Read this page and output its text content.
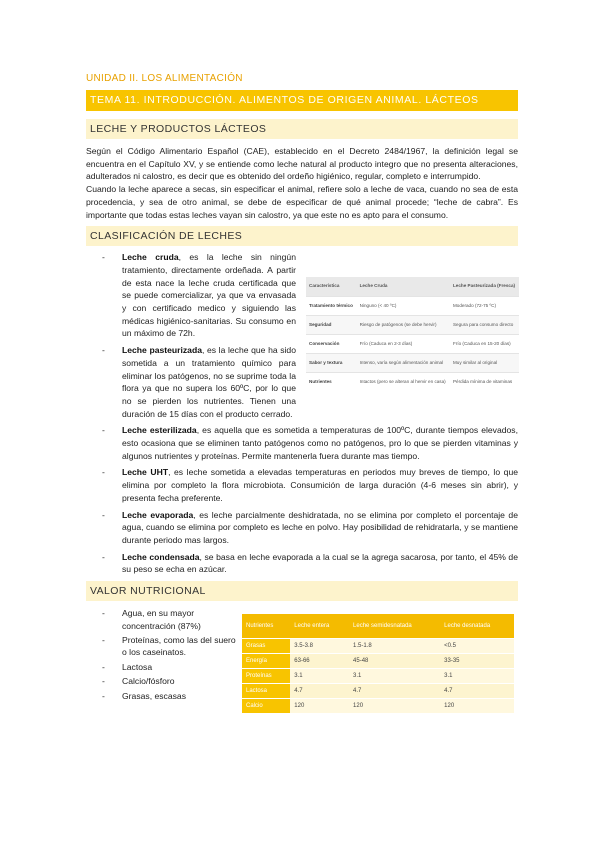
UNIDAD II. LOS ALIMENTACIÓN
TEMA 11. INTRODUCCIÓN. ALIMENTOS DE ORIGEN ANIMAL. LÁCTEOS
LECHE Y PRODUCTOS LÁCTEOS

Según el Código Alimentario Español (CAE), establecido en el Decreto 2484/1967, la definición legal se encuentra en el Capítulo XV, y se entiende como leche natural al producto integro que no presenta alteraciones, adulterados ni calostro, es decir que es obtenido del ordeño higiénico, regular, completo e interrumpido.

Cuando la leche aparece a secas, sin especificar el animal, refiere solo a leche de vaca, cuando no sea de esta procedencia, y sea de otro animal, se debe de especificar de qué animal procede; “leche de cabra”. Es importante que todas estas leches vayan sin calostro, ya que este no es apto para el consumo.

CLASIFICACIÓN DE LECHES
- Característica	Leche Cruda	Leche Pasteurizada (Fresca)
Tratamiento térmico	Ninguno (< 40 ºC)	Moderado (72-75 ºC)
Seguridad	Riesgo de patógenos (se debe hervir)	Segura para consumo directo
Conservación	Frío (Caduca en 2-3 días)	Frío (Caduca en 15-20 días)
Sabor y textura	Intenso, varía según alimentación animal	Muy similar al original
Nutrientes	Intactos (pero se alteran al hervir en casa)	Pérdida mínima de vitaminas
Leche cruda, es la leche sin ningún tratamiento, directamente ordeñada. A partir de esta nace la leche cruda certificada que se puede comercializar, ya que va envasada y con certificado medico y siguiendo las médicas higiénico-sanitarias. Su consumo en un máximo de 72h.
- Leche pasteurizada, es la leche que ha sido sometida a un tratamiento químico para eliminar los patógenos, no se suprime toda la flora ya que no supera los 60ºC, por lo que no se pierden los nutrientes. Tienen una duración de 15 días con el producto cerrado.
- Leche esterilizada, es aquella que es sometida a temperaturas de 100ºC, durante tiempos elevados, esto ocasiona que se eliminen tanto patógenos como no patógenos, pro lo que se pierden vitaminas y algunos nutrientes y proteínas. Permite mantenerla fuera durante mas tiempo.
- Leche UHT, es leche sometida a elevadas temperaturas en periodos muy breves de tiempo, lo que elimina por completo la flora microbiota. Consumición de larga duración (4-6 meses sin abrir), y presenta fecha preferente.
- Leche evaporada, es leche parcialmente deshidratada, no se elimina por completo el porcentaje de agua, cuando se elimina por completo es leche en polvo. Hay posibilidad de rehidratarla, y se mantiene durante periodo mas largos.
- Leche condensada, se basa en leche evaporada a la cual se la agrega sacarosa, por tanto, el 45% de su peso se echa en azúcar.
VALOR NUTRICIONAL
- Agua, en su mayor concentración (87%)
- Proteínas, como las del suero o los caseinatos.
- Lactosa
- Calcio/fósforo
- Grasas, escasas
Nutrientes	Leche entera	Leche semidesnatada	Leche desnatada
Grasas	3.5-3.8	1.5-1.8	<0.5
Energía	63-66	45-48	33-35
Proteínas	3.1	3.1	3.1
Lactosa	4.7	4.7	4.7
Calcio	120	120	120
